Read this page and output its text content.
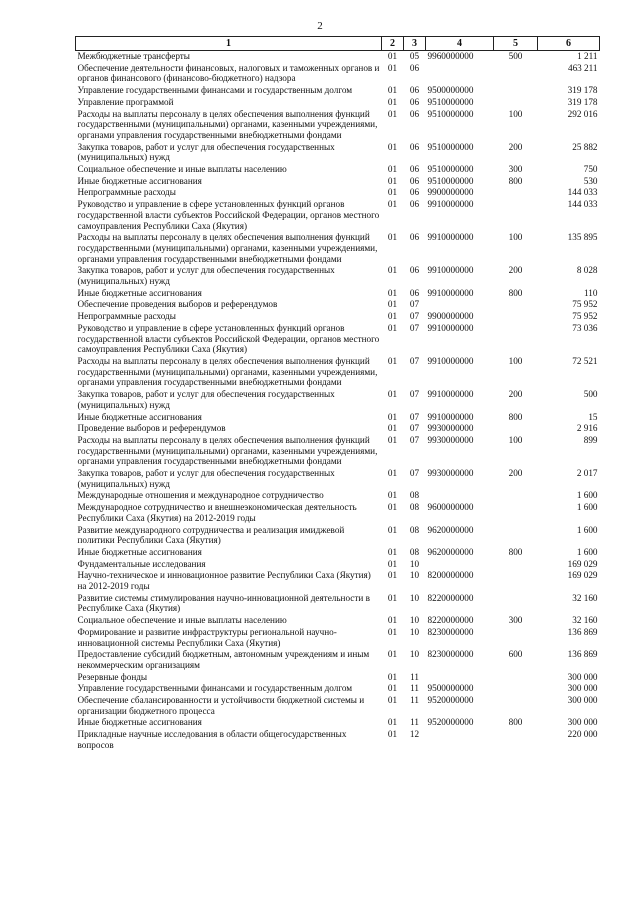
2
1	2	3	4	5	6
Межбюджетные трансферты	01	05	9960000000	500	1 211
Обеспечение деятельности финансовых, налоговых и таможенных органов и органов финансового (финансово-бюджетного) надзора	01	06			463 211
Управление государственными финансами и государственным долгом	01	06	9500000000		319 178
Управление программой	01	06	9510000000		319 178
Расходы на выплаты персоналу в целях обеспечения выполнения функций государственными (муниципальными) органами, казенными учреждениями, органами управления государственными внебюджетными фондами	01	06	9510000000	100	292 016
Закупка товаров, работ и услуг для обеспечения государственных (муниципальных) нужд	01	06	9510000000	200	25 882
Социальное обеспечение и иные выплаты населению	01	06	9510000000	300	750
Иные бюджетные ассигнования	01	06	9510000000	800	530
Непрограммные расходы	01	06	9900000000		144 033
Руководство и управление в сфере установленных функций органов государственной власти субъектов Российской Федерации, органов местного самоуправления Республики Саха (Якутия)	01	06	9910000000		144 033
Расходы на выплаты персоналу в целях обеспечения выполнения функций государственными (муниципальными) органами, казенными учреждениями, органами управления государственными внебюджетными фондами	01	06	9910000000	100	135 895
Закупка товаров, работ и услуг для обеспечения государственных (муниципальных) нужд	01	06	9910000000	200	8 028
Иные бюджетные ассигнования	01	06	9910000000	800	110
Обеспечение проведения выборов и референдумов	01	07			75 952
Непрограммные расходы	01	07	9900000000		75 952
Руководство и управление в сфере установленных функций органов государственной власти субъектов Российской Федерации, органов местного самоуправления Республики Саха (Якутия)	01	07	9910000000		73 036
Расходы на выплаты персоналу в целях обеспечения выполнения функций государственными (муниципальными) органами, казенными учреждениями, органами управления государственными внебюджетными фондами	01	07	9910000000	100	72 521
Закупка товаров, работ и услуг для обеспечения государственных (муниципальных) нужд	01	07	9910000000	200	500
Иные бюджетные ассигнования	01	07	9910000000	800	15
Проведение выборов и референдумов	01	07	9930000000		2 916
Расходы на выплаты персоналу в целях обеспечения выполнения функций государственными (муниципальными) органами, казенными учреждениями, органами управления государственными внебюджетными фондами	01	07	9930000000	100	899
Закупка товаров, работ и услуг для обеспечения государственных (муниципальных) нужд	01	07	9930000000	200	2 017
Международные отношения и международное сотрудничество	01	08			1 600
Международное сотрудничество и внешнеэкономическая деятельность Республики Саха (Якутия) на 2012-2019 годы	01	08	9600000000		1 600
Развитие международного сотрудничества и реализация имиджевой политики Республики Саха (Якутия)	01	08	9620000000		1 600
Иные бюджетные ассигнования	01	08	9620000000	800	1 600
Фундаментальные исследования	01	10			169 029
Научно-техническое и инновационное развитие Республики Саха (Якутия) на 2012-2019 годы	01	10	8200000000		169 029
Развитие системы стимулирования научно-инновационной деятельности в Республике Саха (Якутия)	01	10	8220000000		32 160
Социальное обеспечение и иные выплаты населению	01	10	8220000000	300	32 160
Формирование и развитие инфраструктуры региональной научно-инновационной системы Республики Саха (Якутия)	01	10	8230000000		136 869
Предоставление субсидий бюджетным, автономным учреждениям и иным некоммерческим организациям	01	10	8230000000	600	136 869
Резервные фонды	01	11			300 000
Управление государственными финансами и государственным долгом	01	11	9500000000		300 000
Обеспечение сбалансированности и устойчивости бюджетной системы и организации бюджетного процесса	01	11	9520000000		300 000
Иные бюджетные ассигнования	01	11	9520000000	800	300 000
Прикладные научные исследования в области общегосударственных вопросов	01	12			220 000
